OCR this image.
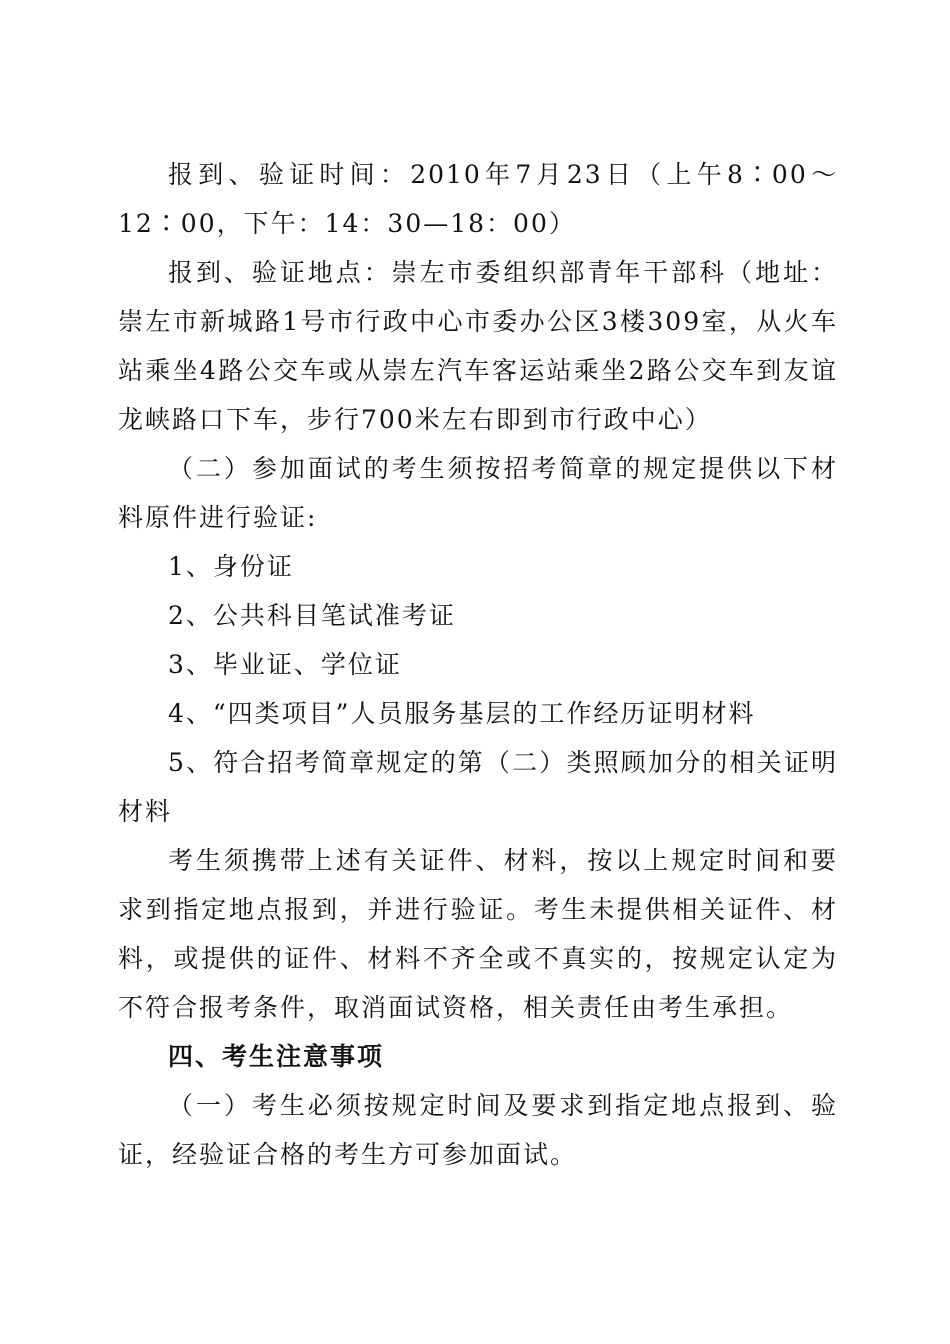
报到、验证时间：2010年7月23日（上午8∶00～12∶00，下午：14：30—18：00）

报到、验证地点：崇左市委组织部青年干部科（地址：崇左市新城路1号市行政中心市委办公区3楼309室，从火车站乘坐4路公交车或从崇左汽车客运站乘坐2路公交车到友谊龙峡路口下车，步行700米左右即到市行政中心）

（二）参加面试的考生须按招考简章的规定提供以下材料原件进行验证:

1、身份证

2、公共科目笔试准考证

3、毕业证、学位证

4、“四类项目”人员服务基层的工作经历证明材料

5、符合招考简章规定的第（二）类照顾加分的相关证明材料

考生须携带上述有关证件、材料，按以上规定时间和要求到指定地点报到，并进行验证。考生未提供相关证件、材料，或提供的证件、材料不齐全或不真实的，按规定认定为不符合报考条件，取消面试资格，相关责任由考生承担。

四、考生注意事项

（一）考生必须按规定时间及要求到指定地点报到、验证，经验证合格的考生方可参加面试。
